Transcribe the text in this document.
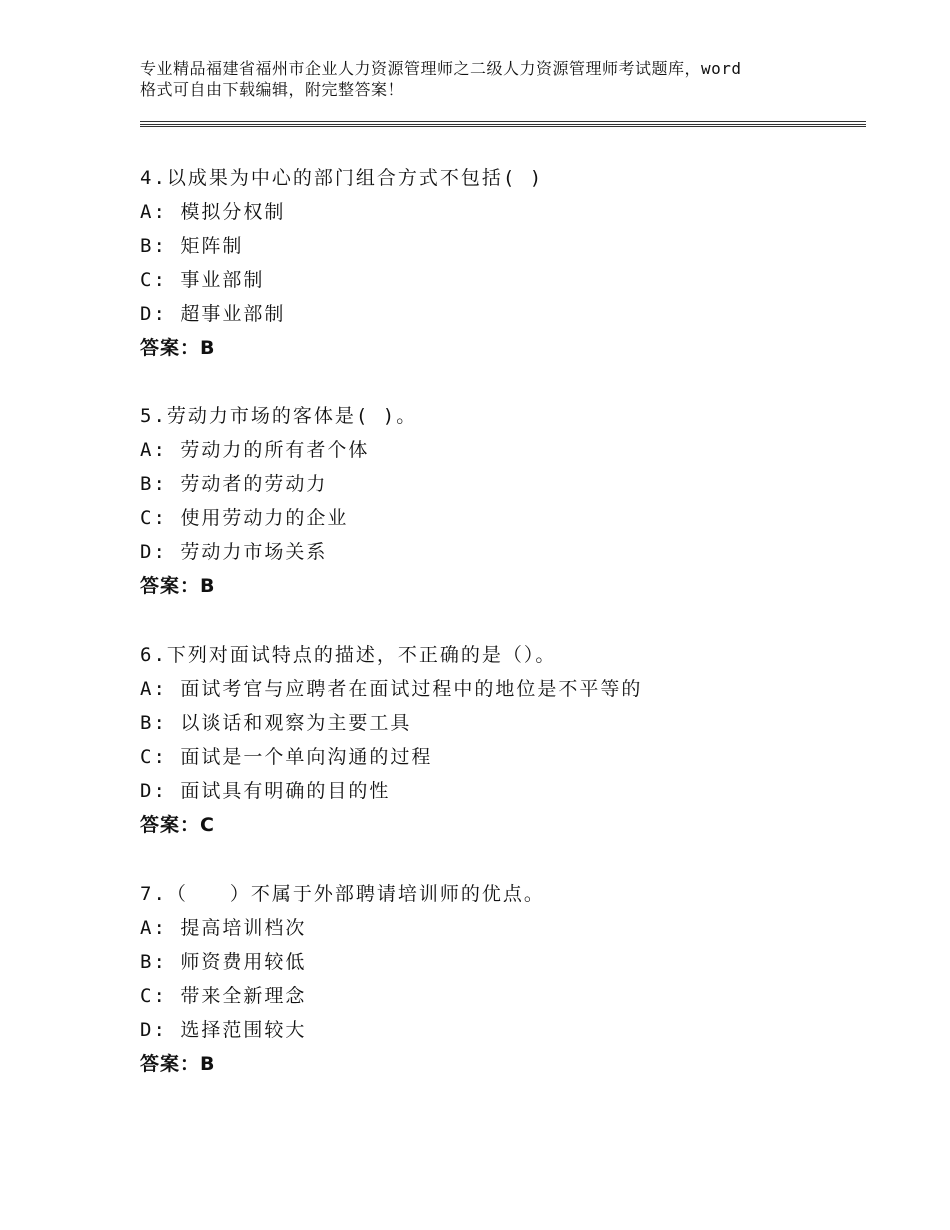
专业精品福建省福州市企业人力资源管理师之二级人力资源管理师考试题库，word
格式可自由下载编辑，附完整答案！
4.以成果为中心的部门组合方式不包括( )
A: 模拟分权制
B: 矩阵制
C: 事业部制
D: 超事业部制
答案：B
5.劳动力市场的客体是( )。
A: 劳动力的所有者个体
B: 劳动者的劳动力
C: 使用劳动力的企业
D: 劳动力市场关系
答案：B
6.下列对面试特点的描述，不正确的是（）。
A: 面试考官与应聘者在面试过程中的地位是不平等的
B: 以谈话和观察为主要工具
C: 面试是一个单向沟通的过程
D: 面试具有明确的目的性
答案：C
7.（　　）不属于外部聘请培训师的优点。
A: 提高培训档次
B: 师资费用较低
C: 带来全新理念
D: 选择范围较大
答案：B
